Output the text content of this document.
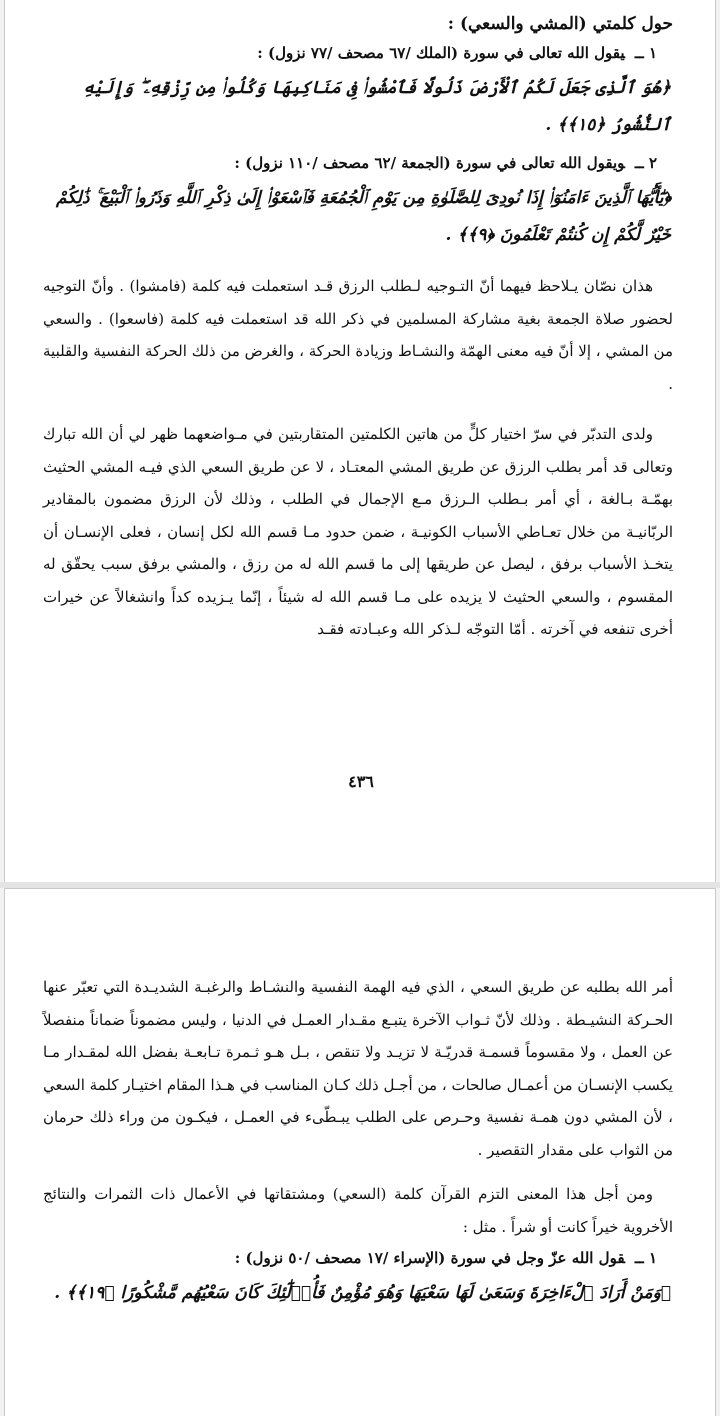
حول كلمتي (المشي والسعي) :

١ ــيقول الله تعالى في سورة (الملك /٦٧ مصحف /٧٧ نزول) :

﴿هُوَ ٱلَّذِى جَعَلَ لَكُمُ ٱلْأَرْضَ ذَلُولًا فَٱمْشُوا۟ فِى مَنَاكِبِهَا وَكُلُوا۟ مِن رِّزْقِهِۦ ۖ وَإِلَيْهِ ٱلنُّشُورُ ﴿١٥﴾﴾ .

٢ ــويقول الله تعالى في سورة (الجمعة /٦٢ مصحف /١١٠ نزول) :

﴿يَٰٓأَيُّهَا ٱلَّذِينَ ءَامَنُوٓا۟ إِذَا نُودِىَ لِلصَّلَوٰةِ مِن يَوْمِ ٱلْجُمُعَةِ فَٱسْعَوْا۟ إِلَىٰ ذِكْرِ ٱللَّهِ وَذَرُوا۟ ٱلْبَيْعَ ۚ ذَٰلِكُمْ خَيْرٌ لَّكُمْ إِن كُنتُمْ تَعْلَمُونَ ﴿٩﴾﴾ .

هذان نصّان يـلاحظ فيهما أنّ التـوجيه لـطلب الرزق قـد استعملت فيه كلمة (فامشوا) . وأنّ التوجيه لحضور صلاة الجمعة بغية مشاركة المسلمين في ذكر الله قد استعملت فيه كلمة (فاسعوا) . والسعي من المشي ، إلا أنّ فيه معنى الهمّة والنشـاط وزيادة الحركة ، والغرض من ذلك الحركة النفسية والقلبية .

ولدى التدبّر في سرّ اختيار كلٍّ من هاتين الكلمتين المتقاربتين في مـواضعهما ظهر لي أن الله تبارك وتعالى قد أمر بطلب الرزق عن طريق المشي المعتـاد ، لا عن طريق السعي الذي فيـه المشي الحثيث بهمّـة بـالغة ، أي أمر بـطلب الـرزق مـع الإجمال في الطلب ، وذلك لأن الرزق مضمون بالمقادير الربّانيـة من خلال تعـاطي الأسباب الكونيـة ، ضمن حدود مـا قسم الله لكل إنسان ، فعلى الإنسـان أن يتخـذ الأسباب برفق ، ليصل عن طريقها إلى ما قسم الله له من رزق ، والمشي برفق سبب يحقّق له المقسوم ، والسعي الحثيث لا يزيده على مـا قسم الله له شيئاً ، إنّما يـزيده كداً وانشغالاً عن خيرات أخرى تنفعه في آخرته . أمّا التوجّه لـذكر الله وعبـادته فقـد

٤٣٦

أمر الله بطلبه عن طريق السعي ، الذي فيه الهمة النفسية والنشـاط والرغبـة الشديـدة التي تعبّر عنها الحـركة النشيـطة . وذلك لأنّ ثـواب الآخرة يتبـع مقـدار العمـل في الدنيا ، وليس مضموناً ضماناً منفصلاً عن العمل ، ولا مقسوماً قسمـة قدريّـة لا تزيـد ولا تنقص ، بـل هـو ثـمرة تـابعـة بفضل الله لمقـدار مـا يكسب الإنسـان من أعمـال صالحات ، من أجـل ذلك كـان المناسب في هـذا المقام اختيـار كلمة السعي ، لأن المشي دون همـة نفسية وحـرص على الطلب يبـطّىء في العمـل ، فيكـون من وراء ذلك حرمان من الثواب على مقدار التقصير .

ومن أجل هذا المعنى التزم القرآن كلمة (السعي) ومشتقاتها في الأعمال ذات الثمرات والنتائج الأخروية خيراً كانت أو شراً . مثل :

١ ــقول الله عزّ وجل في سورة (الإسراء /١٧ مصحف /٥٠ نزول) :

﴿وَمَنْ أَرَادَ ٱلْءَاخِرَةَ وَسَعَىٰ لَهَا سَعْيَهَا وَهُوَ مُؤْمِنٌ فَأُو۟لَٰٓئِكَ كَانَ سَعْيُهُم مَّشْكُورًا ﴿١٩﴾﴾ .
